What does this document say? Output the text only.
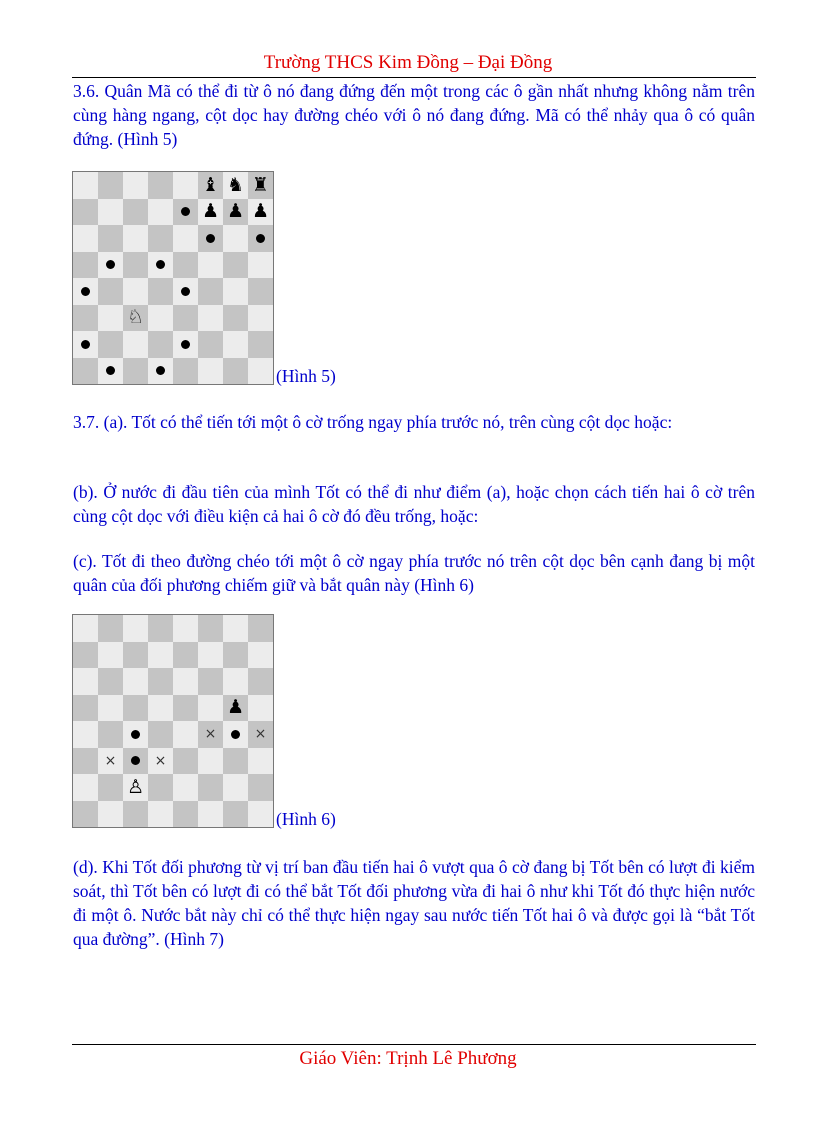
Trường THCS Kim Đồng – Đại Đồng
3.6. Quân Mã có thể đi từ ô nó đang đứng đến một trong các ô gần nhất nhưng không nằm trên cùng hàng ngang, cột dọc hay đường chéo với ô nó đang đứng. Mã có thể nhảy qua ô có quân đứng. (Hình 5)
♝ ♞ ♜
♟ ♟ ♟
♘
(Hình 5)
3.7. (a). Tốt có thể tiến tới một ô cờ trống ngay phía trước nó, trên cùng cột dọc hoặc:
(b). Ở nước đi đầu tiên của mình Tốt có thể đi như điểm (a), hoặc chọn cách tiến hai ô cờ trên cùng cột dọc với điều kiện cả hai ô cờ đó đều trống, hoặc:
(c). Tốt đi theo đường chéo tới một ô cờ ngay phía trước nó trên cột dọc bên cạnh đang bị một quân của đối phương chiếm giữ và bắt quân này (Hình 6)
♟
×	×
×	×
♙
(Hình 6)
(d). Khi Tốt đối phương từ vị trí ban đầu tiến hai ô vượt qua ô cờ đang bị Tốt bên có lượt đi kiểm soát, thì Tốt bên có lượt đi có thể bắt Tốt đối phương vừa đi hai ô như khi Tốt đó thực hiện nước đi một ô. Nước bắt này chỉ có thể thực hiện ngay sau nước tiến Tốt hai ô và được gọi là “bắt Tốt qua đường”. (Hình 7)
Giáo Viên: Trịnh Lê Phương
